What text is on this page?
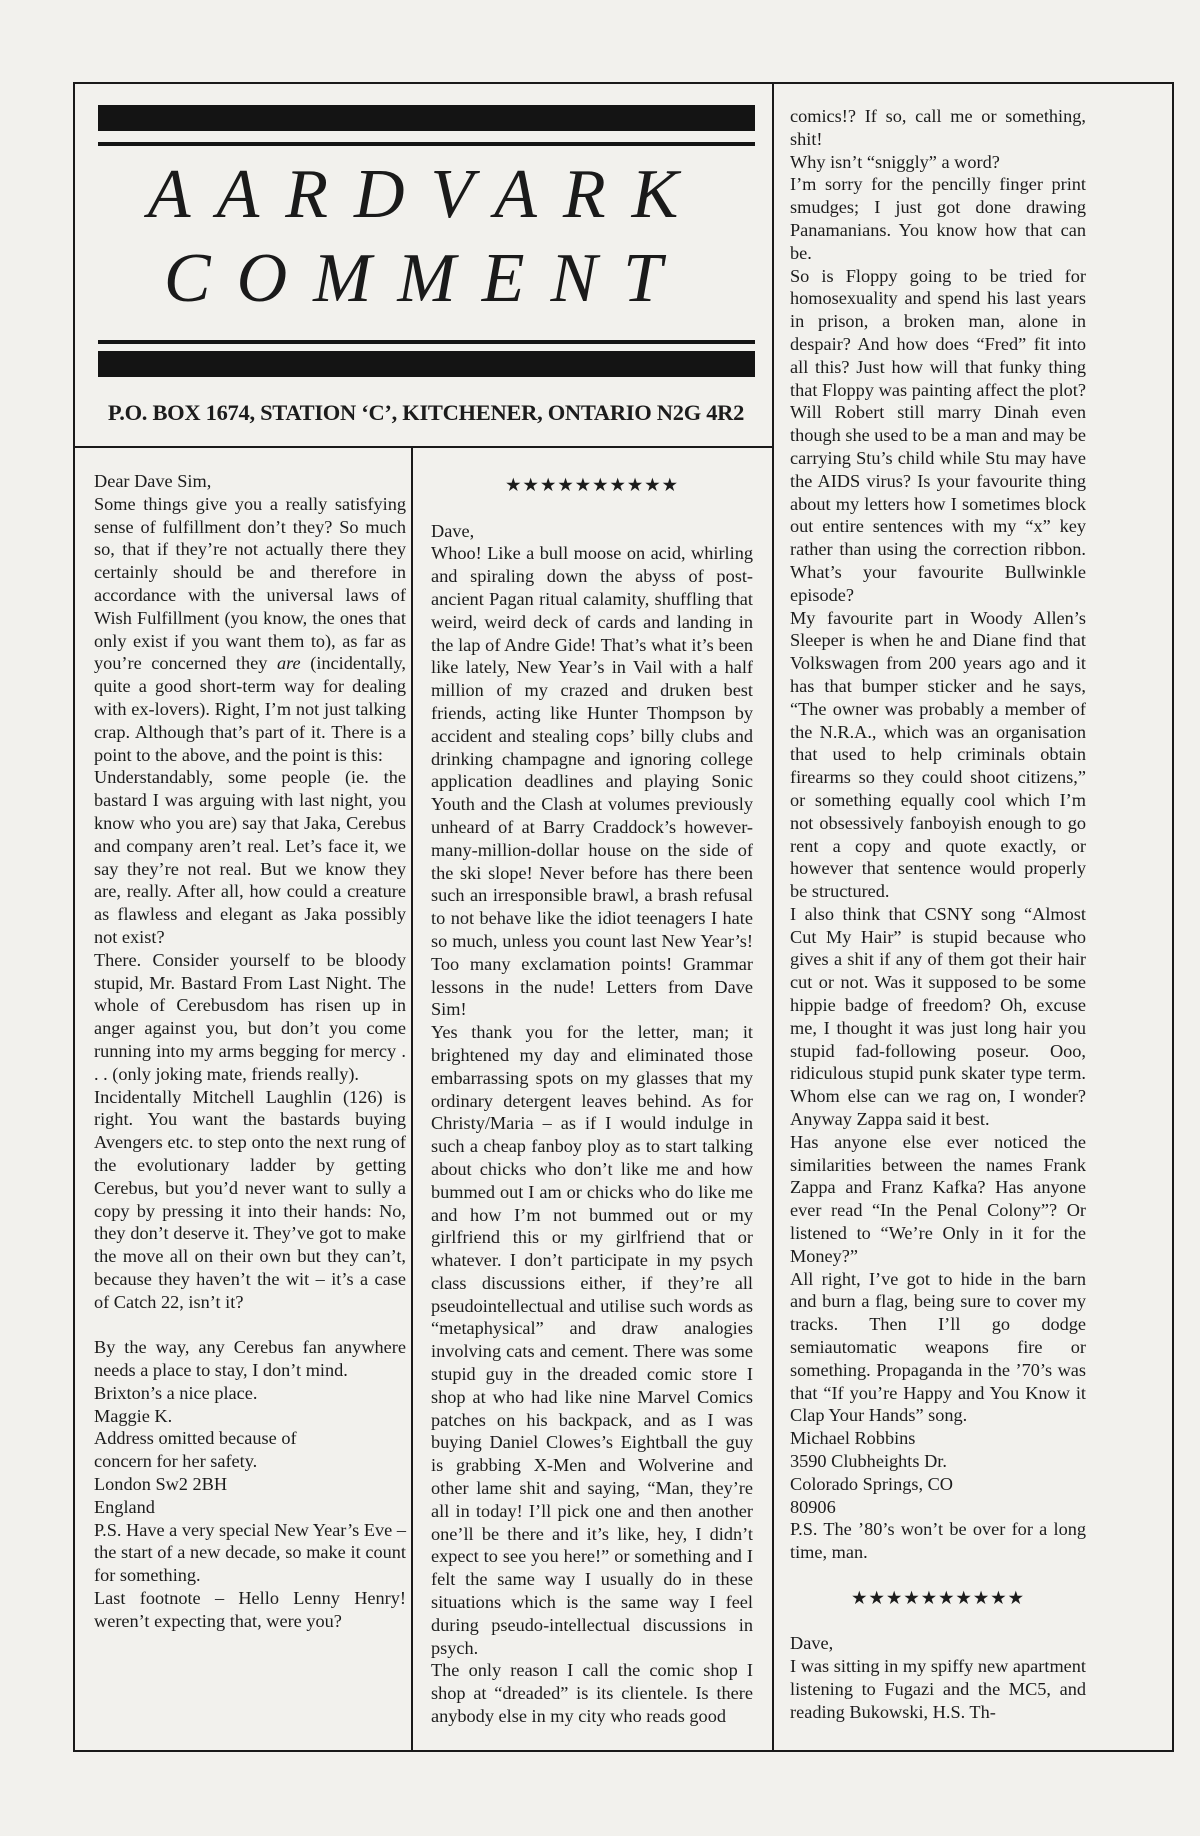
AARDVARK
COMMENT
P.O. BOX 1674, STATION ‘C’, KITCHENER, ONTARIO N2G 4R2

Dear Dave Sim,

Some things give you a really satisfying sense of fulfillment don’t they? So much so, that if they’re not actually there they certainly should be and therefore in accordance with the universal laws of Wish Fulfillment (you know, the ones that only exist if you want them to), as far as you’re concerned they are (incidentally, quite a good short-term way for dealing with ex-lovers). Right, I’m not just talking crap. Although that’s part of it. There is a point to the above, and the point is this:

Understandably, some people (ie. the bastard I was arguing with last night, you know who you are) say that Jaka, Cerebus and company aren’t real. Let’s face it, we say they’re not real. But we know they are, really. After all, how could a creature as flawless and elegant as Jaka possibly not exist?

There. Consider yourself to be bloody stupid, Mr. Bastard From Last Night. The whole of Cerebusdom has risen up in anger against you, but don’t you come running into my arms begging for mercy . . . (only joking mate, friends really).

Incidentally Mitchell Laughlin (126) is right. You want the bastards buying Avengers etc. to step onto the next rung of the evolutionary ladder by getting Cerebus, but you’d never want to sully a copy by pressing it into their hands: No, they don’t deserve it. They’ve got to make the move all on their own but they can’t, because they haven’t the wit – it’s a case of Catch 22, isn’t it?

By the way, any Cerebus fan anywhere needs a place to stay, I don’t mind.

Brixton’s a nice place.

Maggie K.

Address omitted because of

concern for her safety.

London Sw2 2BH

England

P.S. Have a very special New Year’s Eve – the start of a new decade, so make it count for something.

Last footnote – Hello Lenny Henry! weren’t expecting that, were you?

★★★★★★★★★★

Dave,

Whoo! Like a bull moose on acid, whirling and spiraling down the abyss of post-ancient Pagan ritual calamity, shuffling that weird, weird deck of cards and landing in the lap of Andre Gide! That’s what it’s been like lately, New Year’s in Vail with a half million of my crazed and druken best friends, acting like Hunter Thompson by accident and stealing cops’ billy clubs and drinking champagne and ignoring college application deadlines and playing Sonic Youth and the Clash at volumes previously unheard of at Barry Craddock’s however-many-million-dollar house on the side of the ski slope! Never before has there been such an irresponsible brawl, a brash refusal to not behave like the idiot teenagers I hate so much, unless you count last New Year’s! Too many exclamation points! Grammar lessons in the nude! Letters from Dave Sim!

Yes thank you for the letter, man; it brightened my day and eliminated those embarrassing spots on my glasses that my ordinary detergent leaves behind. As for Christy/Maria – as if I would indulge in such a cheap fanboy ploy as to start talking about chicks who don’t like me and how bummed out I am or chicks who do like me and how I’m not bummed out or my girlfriend this or my girlfriend that or whatever. I don’t participate in my psych class discussions either, if they’re all pseudointellectual and utilise such words as “metaphysical” and draw analogies involving cats and cement. There was some stupid guy in the dreaded comic store I shop at who had like nine Marvel Comics patches on his backpack, and as I was buying Daniel Clowes’s Eightball the guy is grabbing X-Men and Wolverine and other lame shit and saying, “Man, they’re all in today! I’ll pick one and then another one’ll be there and it’s like, hey, I didn’t expect to see you here!” or something and I felt the same way I usually do in these situations which is the same way I feel during pseudo-intellectual discussions in psych.

The only reason I call the comic shop I shop at “dreaded” is its clientele. Is there anybody else in my city who reads good

comics!? If so, call me or something, shit!

Why isn’t “sniggly” a word?

I’m sorry for the pencilly finger print smudges; I just got done drawing Panamanians. You know how that can be.

So is Floppy going to be tried for homosexuality and spend his last years in prison, a broken man, alone in despair? And how does “Fred” fit into all this? Just how will that funky thing that Floppy was painting affect the plot? Will Robert still marry Dinah even though she used to be a man and may be carrying Stu’s child while Stu may have the AIDS virus? Is your favourite thing about my letters how I sometimes block out entire sentences with my “x” key rather than using the correction ribbon. What’s your favourite Bullwinkle episode?

My favourite part in Woody Allen’s Sleeper is when he and Diane find that Volkswagen from 200 years ago and it has that bumper sticker and he says, “The owner was probably a member of the N.R.A., which was an organisation that used to help criminals obtain firearms so they could shoot citizens,” or something equally cool which I’m not obsessively fanboyish enough to go rent a copy and quote exactly, or however that sentence would properly be structured.

I also think that CSNY song “Almost Cut My Hair” is stupid because who gives a shit if any of them got their hair cut or not. Was it supposed to be some hippie badge of freedom? Oh, excuse me, I thought it was just long hair you stupid fad-following poseur. Ooo, ridiculous stupid punk skater type term. Whom else can we rag on, I wonder? Anyway Zappa said it best.

Has anyone else ever noticed the similarities between the names Frank Zappa and Franz Kafka? Has anyone ever read “In the Penal Colony”? Or listened to “We’re Only in it for the Money?”

All right, I’ve got to hide in the barn and burn a flag, being sure to cover my tracks. Then I’ll go dodge semiautomatic weapons fire or something. Propaganda in the ’70’s was that “If you’re Happy and You Know it Clap Your Hands” song.

Michael Robbins

3590 Clubheights Dr.

Colorado Springs, CO

80906

P.S. The ’80’s won’t be over for a long time, man.

★★★★★★★★★★

Dave,

I was sitting in my spiffy new apartment listening to Fugazi and the MC5, and reading Bukowski, H.S. Th-
